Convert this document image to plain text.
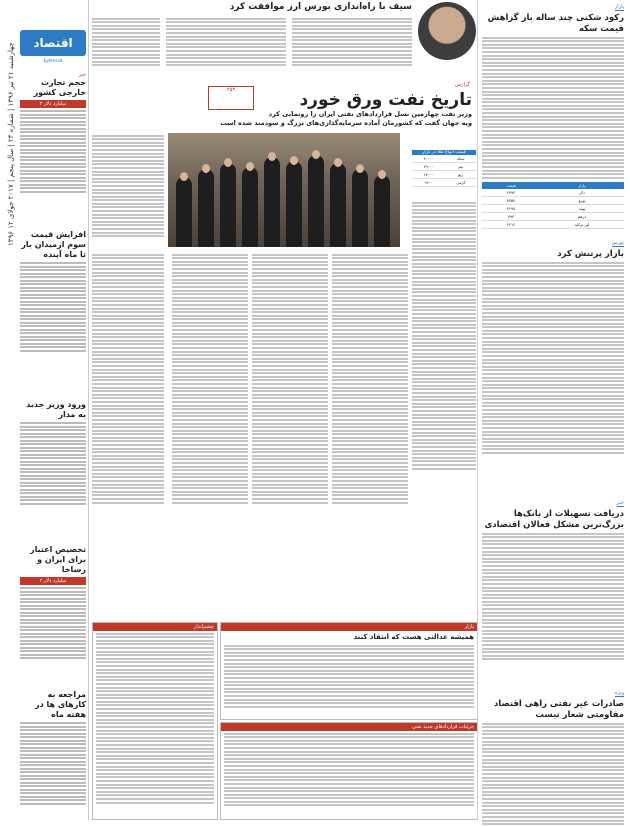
۱۳۹۶ چهارشنبه ۲۱ تیر ۱۳۹۶ | شماره ۲۴ | سال پنجم | ۲۰۱۷ جولای ۱۲	اقتصاد
Eghtesad
خبر
حجم تجارت خارجی کشور
۳ میلیارد دلار
افزایش قیمت سوم ازمیدان بار تا ماه آینده
ورود وزیر جدید به مدار
تخصیص اعتبار برای ایران و رساخا
۲ میلیارد دلار
مراجعه به کارهای ها در هفته ماه
سیف با راه‌اندازی بورس ارز موافقت کرد
۲۵۳
گزارش
تاریخ نفت ورق خورد
وزیر نفت چهارمین نسل قراردادهای نفتی ایران را رونمایی کرد
ویه جهان گفت که کشورمان آماده سرمایه‌گذاری‌های بزرگ و سودمند شده است
قیمت انواع طلا در بازار
۴۰۰۰۰	سکه
۲۹۰۰۰	نیم
۱۷۰۰۰	ربع
۹۶۰۰	گرمی
چشم‌انداز	بازار
همیشه عدالتی هست که انتقاد کنند
جزئیات قراردادهای جدید نفتی
بازار
رکود شکنی چند ساله باز گزاهش قیمت سکه
قیمت	بازار
۲۷۹۲	دلار
۳۷۵۴	یورو
۴۶۹۸	پوند
۷۹۴	درهم
۲۲۱۲	لیر ترکیه
بورس
بازار پرتنش کرد
خبر
دریافت تسهیلات از بانک‌ها بزرگ‌ترین مشکل فعالان اقتصادی
ویژه
صادرات غیر نفتی راهی اقتصاد مقاومتی شعار نیست
